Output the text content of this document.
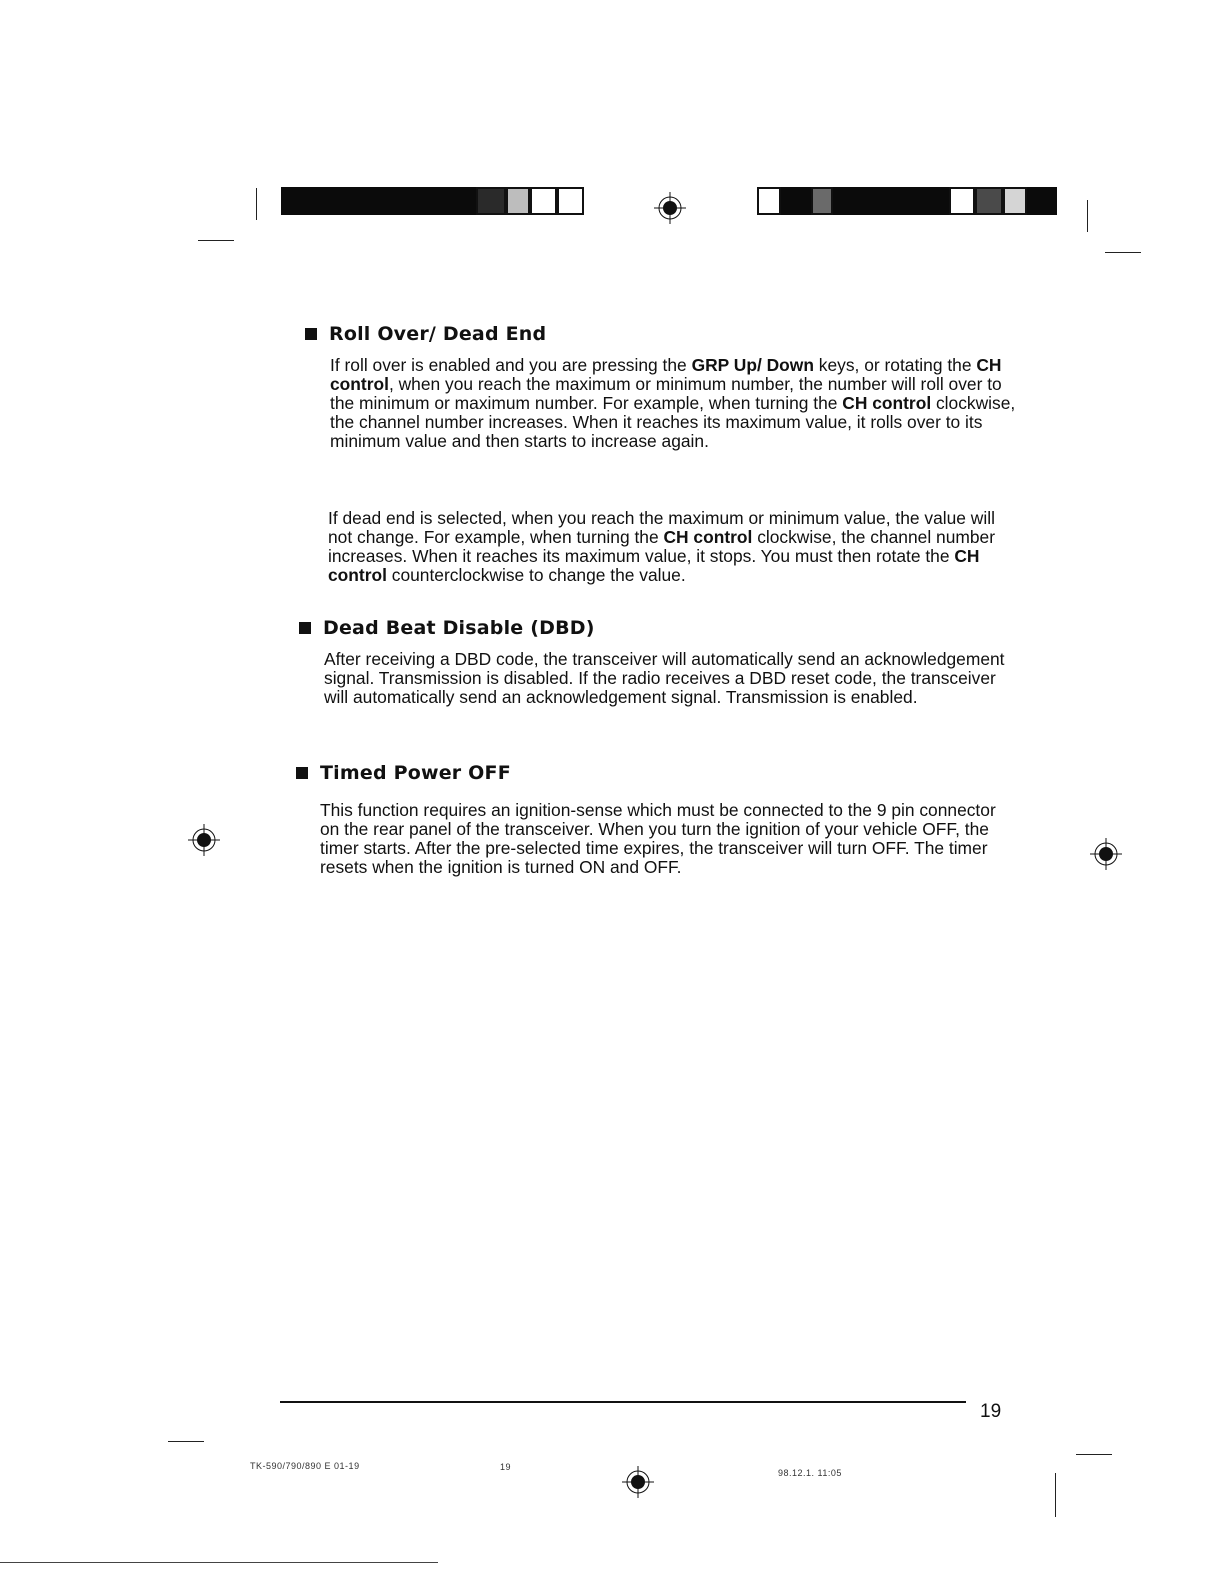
Roll Over/ Dead End
If roll over is enabled and you are pressing the GRP Up/ Down keys, or rotating the CH control, when you reach the maximum or minimum number, the number will roll over to the minimum or maximum number. For example, when turning the CH control clockwise, the channel number increases. When it reaches its maximum value, it rolls over to its minimum value and then starts to increase again.
If dead end is selected, when you reach the maximum or minimum value, the value will not change. For example, when turning the CH control clockwise, the channel number increases. When it reaches its maximum value, it stops. You must then rotate the CH control counterclockwise to change the value.
Dead Beat Disable (DBD)
After receiving a DBD code, the transceiver will automatically send an acknowledgement signal. Transmission is disabled. If the radio receives a DBD reset code, the transceiver will automatically send an acknowledgement signal. Transmission is enabled.
Timed Power OFF
This function requires an ignition-sense which must be connected to the 9 pin connector on the rear panel of the transceiver. When you turn the ignition of your vehicle OFF, the timer starts. After the pre-selected time expires, the transceiver will turn OFF. The timer resets when the ignition is turned ON and OFF.
19
TK-590/790/890 E 01-19	19
98.12.1. 11:05
